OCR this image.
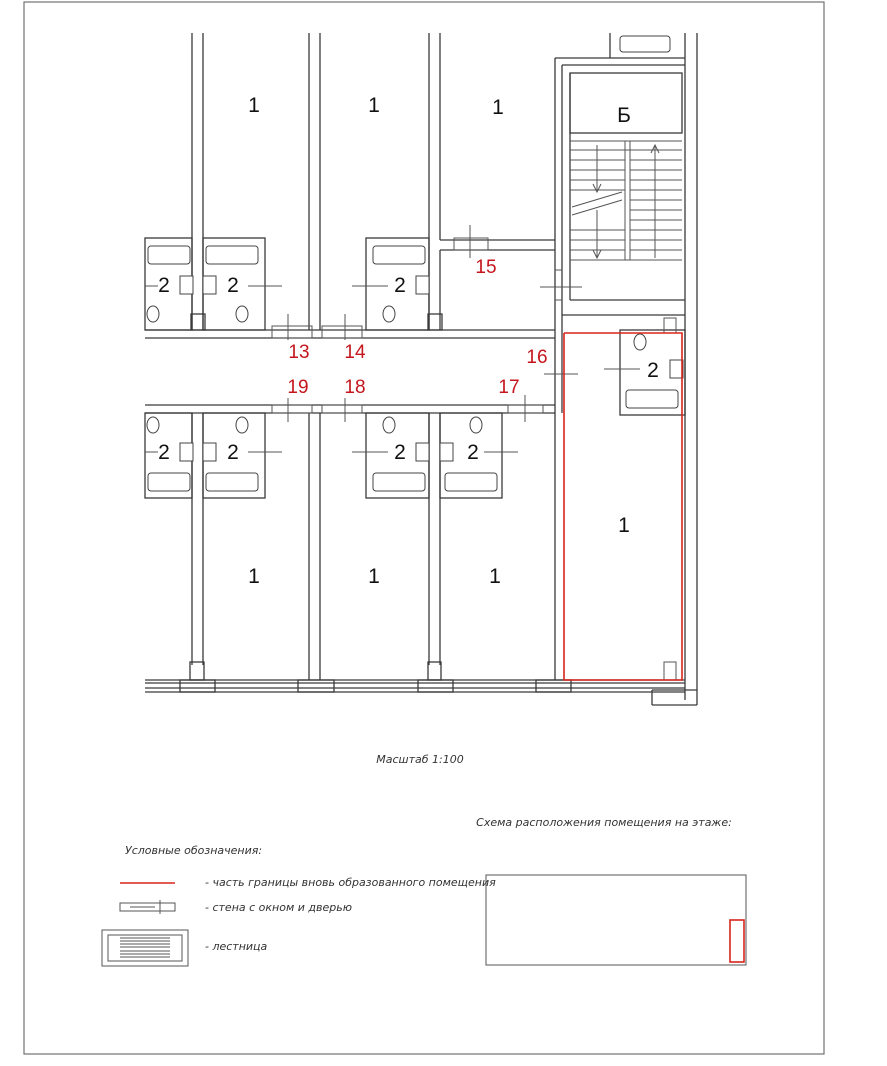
1	1	1
1	1	1
1
Б
2	2	2
2	2	2	2
2
13 14
15
16
17
18
19
Масштаб 1:100
Схема расположения помещения на этаже:
Условные обозначения:
- часть границы вновь образованного помещения
- стена с окном и дверью
- лестница
